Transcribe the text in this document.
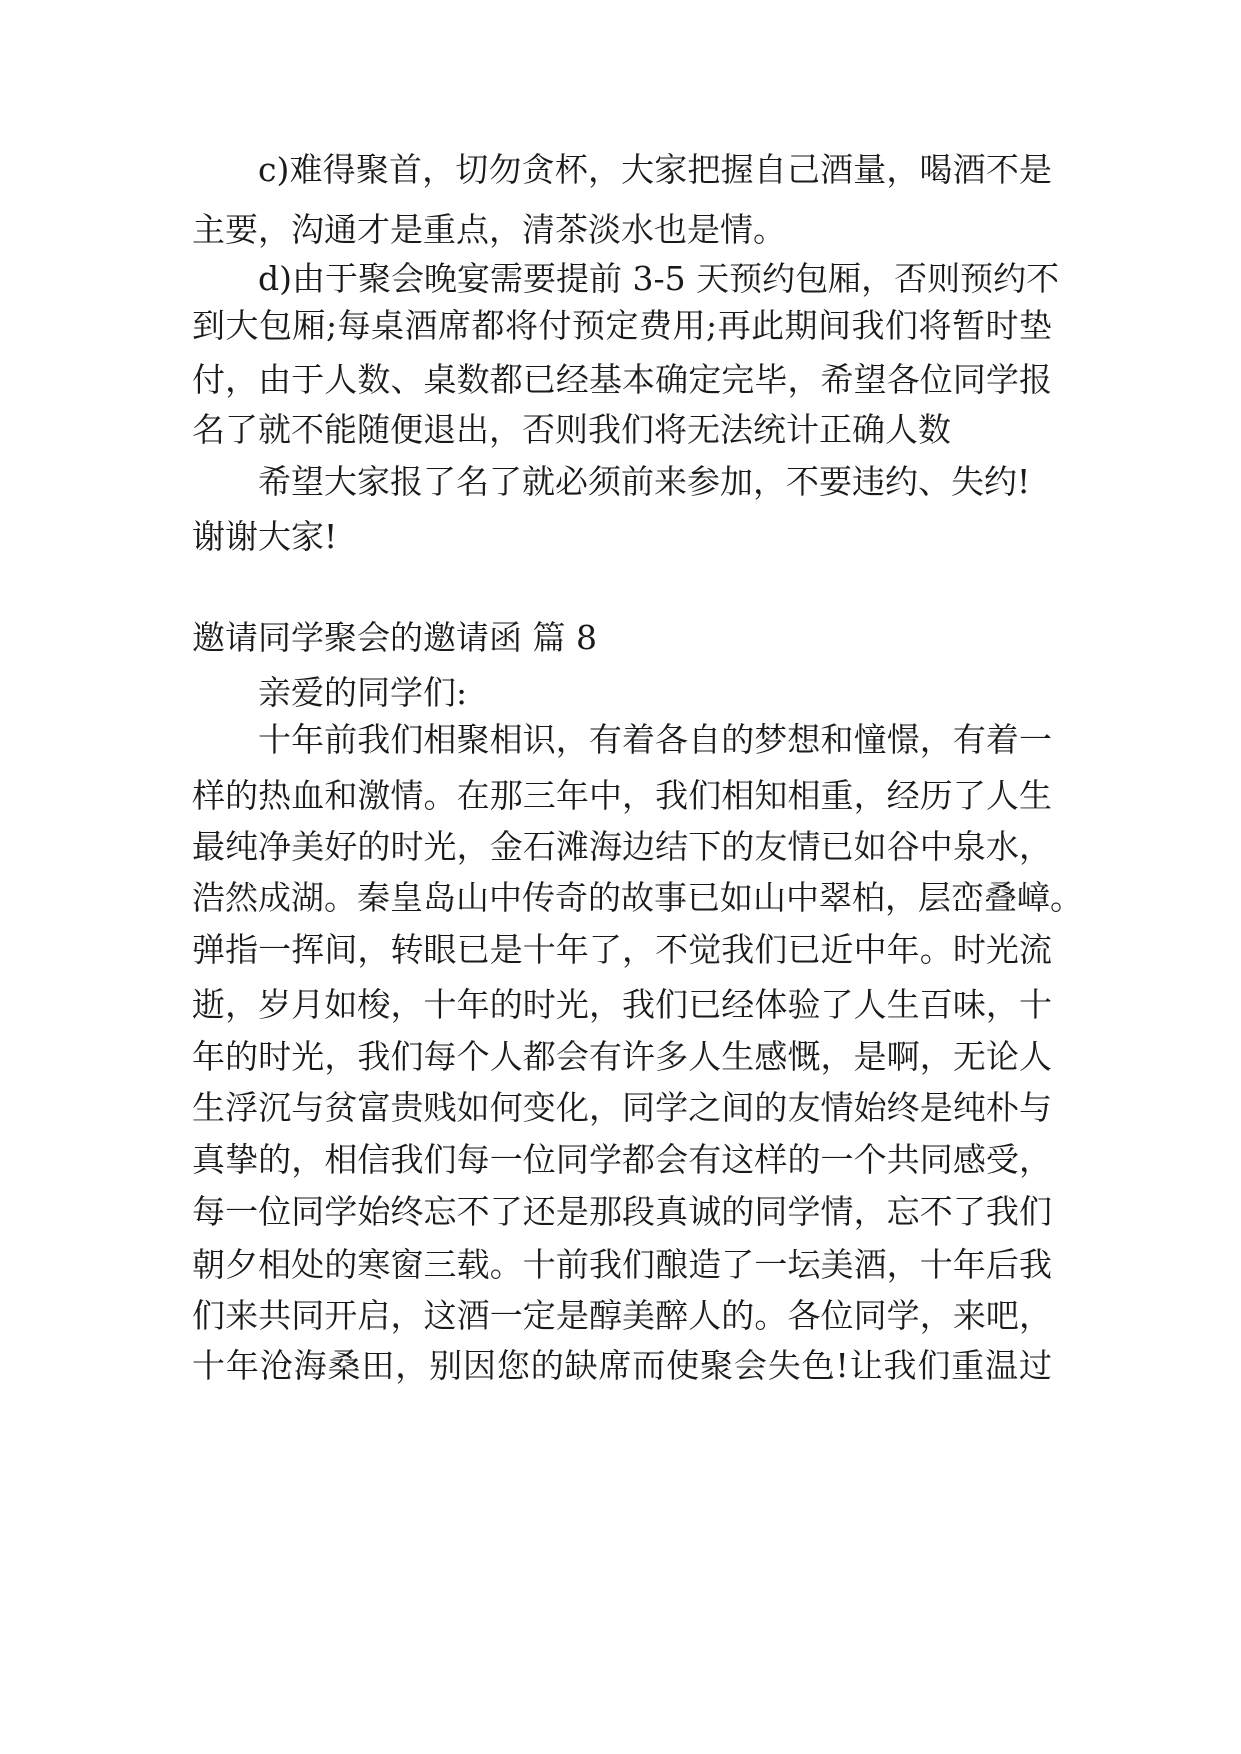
c)难得聚首，切勿贪杯，大家把握自己酒量，喝酒不是
主要，沟通才是重点，清茶淡水也是情。
d)由于聚会晚宴需要提前 3-5 天预约包厢，否则预约不
到大包厢;每桌酒席都将付预定费用;再此期间我们将暂时垫
付，由于人数、桌数都已经基本确定完毕，希望各位同学报
名了就不能随便退出，否则我们将无法统计正确人数
希望大家报了名了就必须前来参加，不要违约、失约!
谢谢大家!
邀请同学聚会的邀请函 篇 8
亲爱的同学们:
十年前我们相聚相识，有着各自的梦想和憧憬，有着一
样的热血和激情。在那三年中，我们相知相重，经历了人生
最纯净美好的时光，金石滩海边结下的友情已如谷中泉水，
浩然成湖。秦皇岛山中传奇的故事已如山中翠柏，层峦叠嶂。
弹指一挥间，转眼已是十年了，不觉我们已近中年。时光流
逝，岁月如梭，十年的时光，我们已经体验了人生百味，十
年的时光，我们每个人都会有许多人生感慨，是啊，无论人
生浮沉与贫富贵贱如何变化，同学之间的友情始终是纯朴与
真挚的，相信我们每一位同学都会有这样的一个共同感受，
每一位同学始终忘不了还是那段真诚的同学情，忘不了我们
朝夕相处的寒窗三载。十前我们酿造了一坛美酒，十年后我
们来共同开启，这酒一定是醇美醉人的。各位同学，来吧，
十年沧海桑田，别因您的缺席而使聚会失色!让我们重温过
